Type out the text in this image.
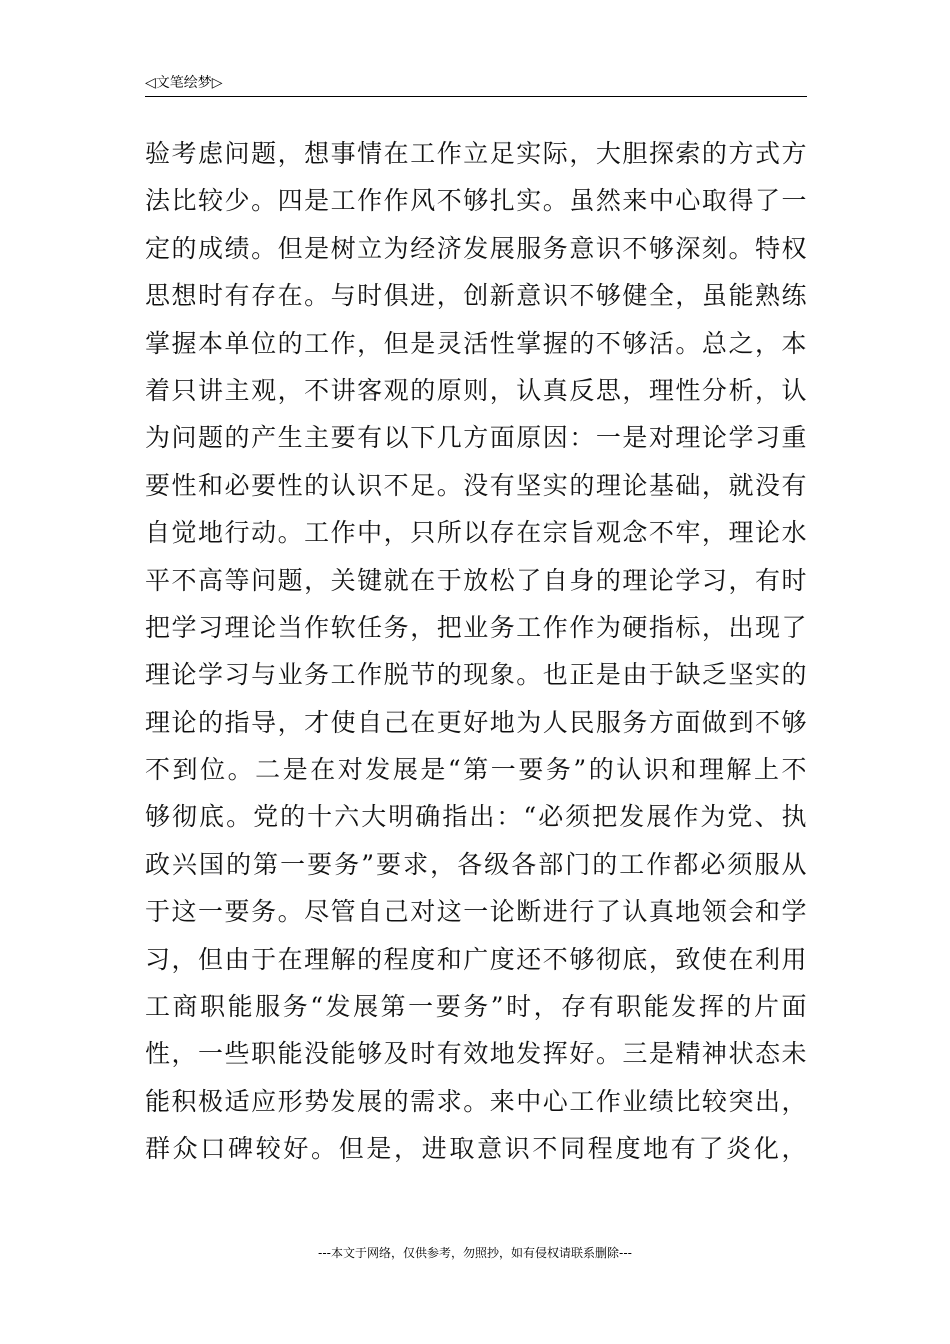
◁文笔绘梦▷
验考虑问题，想事情在工作立足实际，大胆探索的方式方
法比较少。四是工作作风不够扎实。虽然来中心取得了一
定的成绩。但是树立为经济发展服务意识不够深刻。特权
思想时有存在。与时俱进，创新意识不够健全，虽能熟练
掌握本单位的工作，但是灵活性掌握的不够活。总之，本
着只讲主观，不讲客观的原则，认真反思，理性分析，认
为问题的产生主要有以下几方面原因：一是对理论学习重
要性和必要性的认识不足。没有坚实的理论基础，就没有
自觉地行动。工作中，只所以存在宗旨观念不牢，理论水
平不高等问题，关键就在于放松了自身的理论学习，有时
把学习理论当作软任务，把业务工作作为硬指标，出现了
理论学习与业务工作脱节的现象。也正是由于缺乏坚实的
理论的指导，才使自己在更好地为人民服务方面做到不够
不到位。二是在对发展是“第一要务”的认识和理解上不
够彻底。党的十六大明确指出：“必须把发展作为党、执
政兴国的第一要务”要求，各级各部门的工作都必须服从
于这一要务。尽管自己对这一论断进行了认真地领会和学
习，但由于在理解的程度和广度还不够彻底，致使在利用
工商职能服务“发展第一要务”时，存有职能发挥的片面
性，一些职能没能够及时有效地发挥好。三是精神状态未
能积极适应形势发展的需求。来中心工作业绩比较突出，
群众口碑较好。但是，进取意识不同程度地有了炎化，
---本文于网络，仅供参考，勿照抄，如有侵权请联系删除---
